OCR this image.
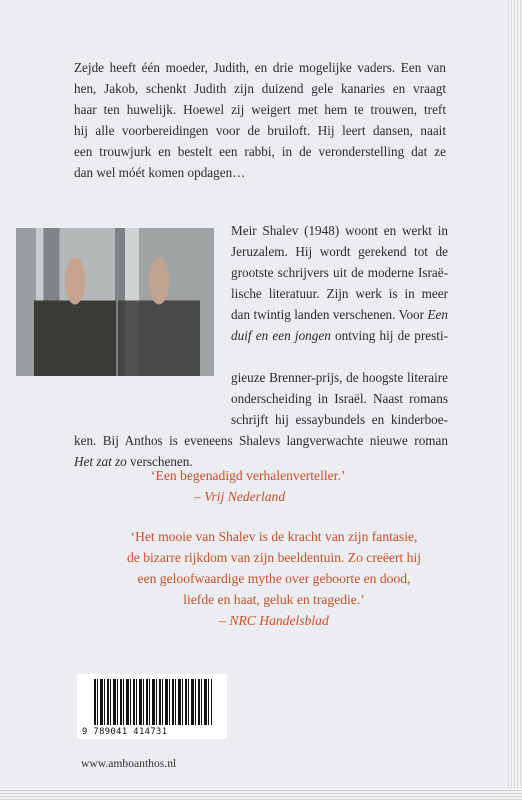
Zejde heeft één moeder, Judith, en drie mogelijke vaders. Een van
hen, Jakob, schenkt Judith zijn duizend gele kanaries en vraagt
haar ten huwelijk. Hoewel zij weigert met hem te trouwen, treft
hij alle voorbereidingen voor de bruiloft. Hij leert dansen, naait
een trouwjurk en bestelt een rabbi, in de veronderstelling dat ze
dan wel móét komen opdagen…
Meir Shalev (1948) woont en werkt in
Jeruzalem. Hij wordt gerekend tot de
grootste schrijvers uit de moderne Israë-
lische literatuur. Zijn werk is in meer
dan twintig landen verschenen. Voor Een
duif en een jongen ontving hij de presti-
gieuze Brenner-prijs, de hoogste literaire
onderscheiding in Israël. Naast romans
schrijft hij essaybundels en kinderboe-
ken. Bij Anthos is eveneens Shalevs langverwachte nieuwe roman
Het zat zo verschenen.
‘Een begenadigd verhalenverteller.’
– Vrij Nederland
‘Het mooie van Shalev is de kracht van zijn fantasie,
de bizarre rijkdom van zijn beeldentuin. Zo creëert hij
een geloofwaardige mythe over geboorte en dood,
liefde en haat, geluk en tragedie.’
– NRC Handelsblad
9 789041 414731
www.amboanthos.nl
